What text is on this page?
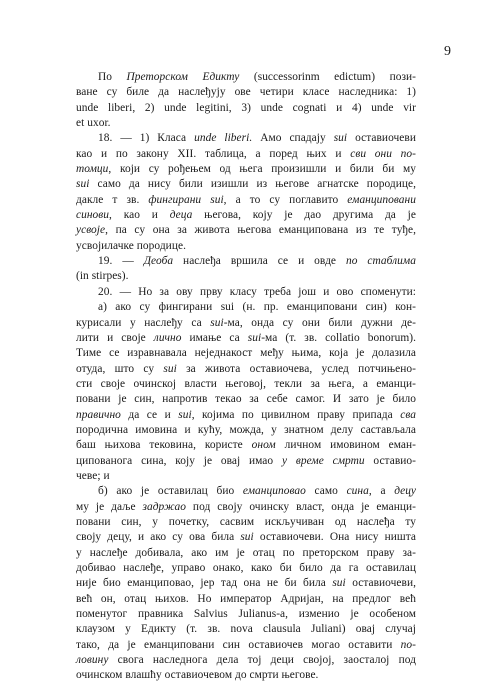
9

По Преторском Едикту (successorinm edictum) пози-
ване су биле да наслеђују ове четири класе наследника: 1)
unde liberi, 2) unde legitini, 3) unde cognati и 4) unde vir
et uxor.
18. — 1) Класа unde liberi. Амо спадају sui оставиочеви
као и по закону XII. таблица, а поред њих и сви они по-
томци, који су рођењем од њега произишли и били би му
sui само да нису били изишли из његове агнатске породице,
дакле т зв. фингирани sui, а то су поглавито еманциповани
синови, као и деца његова, коју је дао другима да је
усвоје, па су она за живота његова еманципована из те туђе,
усвојилачке породице.
19. — Деоба наслеђа вршила се и овде по стаблима
(in stirpes).
20. — Но за ову прву класу треба још и ово споменути:
а) ако су фингирани sui (н. пр. еманциповани син) кон-
курисали у наслеђу са sui-ма, онда су они били дужни де-
лити и своје лично имање са sui-ма (т. зв. collatio bonorum).
Тиме се изравнавала неједнакост међу њима, која је долазила
отуда, што су sui за живота оставиочева, услед потчињено-
сти своје очинској власти његовој, текли за њега, а еманци-
повани је син, напротив текао за себе самог. И зато је било
правично да се и sui, којима по цивилном праву припада сва
породична имовина и кућу, можда, у знатном делу састављала
баш њихова тековина, користе оном личном имовином еман-
ципованога сина, коју је овај имао у време смрти оставио-
чеве; и
б) ако је оставилац био еманциповао само сина, а децу
му је даље задржао под своју очинску власт, онда је еманци-
повани син, у почетку, сасвим искључиван од наслеђа ту
своју децу, и ако су ова била sui оставиочеви. Она нису ништа
у наслеђе добивала, ако им је отац по преторском праву за-
добивао наслеђе, управо онако, како би било да га оставилац
није био еманциповао, јер тад она не би била sui оставиочеви,
већ он, отац њихов. Но император Адријан, на предлог већ
поменутог правника Salvius Julianus-а, изменио је особеном
клаузом у Едикту (т. зв. nova clausula Juliani) овај случај
тако, да је еманциповани син оставиочев могао оставити по-
ловину свога наследнога дела тој деци својој, заосталој под
очинском влашћу оставиочевом до смрти његове.
